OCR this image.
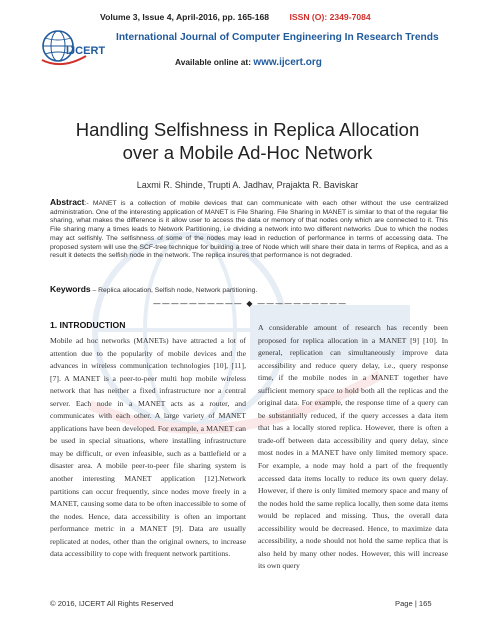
Volume 3, Issue 4, April-2016, pp. 165-168 ISSN (O): 2349-7084
IJCERT
International Journal of Computer Engineering In Research Trends
Available online at: www.ijcert.org
Handling Selfishness in Replica Allocation
over a Mobile Ad-Hoc Network
Laxmi R. Shinde, Trupti A. Jadhav, Prajakta R. Baviskar
Abstract:- MANET is a collection of mobile devices that can communicate with each other without the use centralized administration. One of the interesting application of MANET is File Sharing. File Sharing in MANET is similar to that of the regular file sharing, what makes the difference is it allow user to access the data or memory of that nodes only which are connected to it. This File sharing many a times leads to Network Partitioning, i.e dividing a network into two different networks .Due to which the nodes may act selfishly. The selfishness of some of the nodes may lead in reduction of performance in terms of accessing data. The proposed system will use the SCF-tree technique for building a tree of Node which will share their data in terms of Replica, and as a result it detects the selfish node in the network. The replica insures that performance is not degraded.
Keywords – Replica allocation, Selfish node, Network partitioning.
—————————— ◆ ——————————
1. INTRODUCTION
Mobile ad hoc networks (MANETs) have attracted a lot of attention due to the popularity of mobile devices and the advances in wireless communication technologies [10], [11], [7]. A MANET is a peer-to-peer multi hop mobile wireless network that has neither a fixed infrastructure nor a central server. Each node in a MANET acts as a router, and communicates with each other. A large variety of MANET applications have been developed. For example, a MANET can be used in special situations, where installing infrastructure may be difficult, or even infeasible, such as a battlefield or a disaster area. A mobile peer-to-peer file sharing system is another interesting MANET application [12].Network partitions can occur frequently, since nodes move freely in a MANET, causing some data to be often inaccessible to some of the nodes. Hence, data accessibility is often an important performance metric in a MANET [9]. Data are usually replicated at nodes, other than the original owners, to increase data accessibility to cope with frequent network partitions.
A considerable amount of research has recently been proposed for replica allocation in a MANET [9] [10]. In general, replication can simultaneously improve data accessibility and reduce query delay, i.e., query response time, if the mobile nodes in a MANET together have sufficient memory space to hold both all the replicas and the original data. For example, the response time of a query can be substantially reduced, if the query accesses a data item that has a locally stored replica. However, there is often a trade-off between data accessibility and query delay, since most nodes in a MANET have only limited memory space. For example, a node may hold a part of the frequently accessed data items locally to reduce its own query delay. However, if there is only limited memory space and many of the nodes hold the same replica locally, then some data items would be replaced and missing. Thus, the overall data accessibility would be decreased. Hence, to maximize data accessibility, a node should not hold the same replica that is also held by many other nodes. However, this will increase its own query
© 2016, IJCERT All Rights Reserved	Page | 165
